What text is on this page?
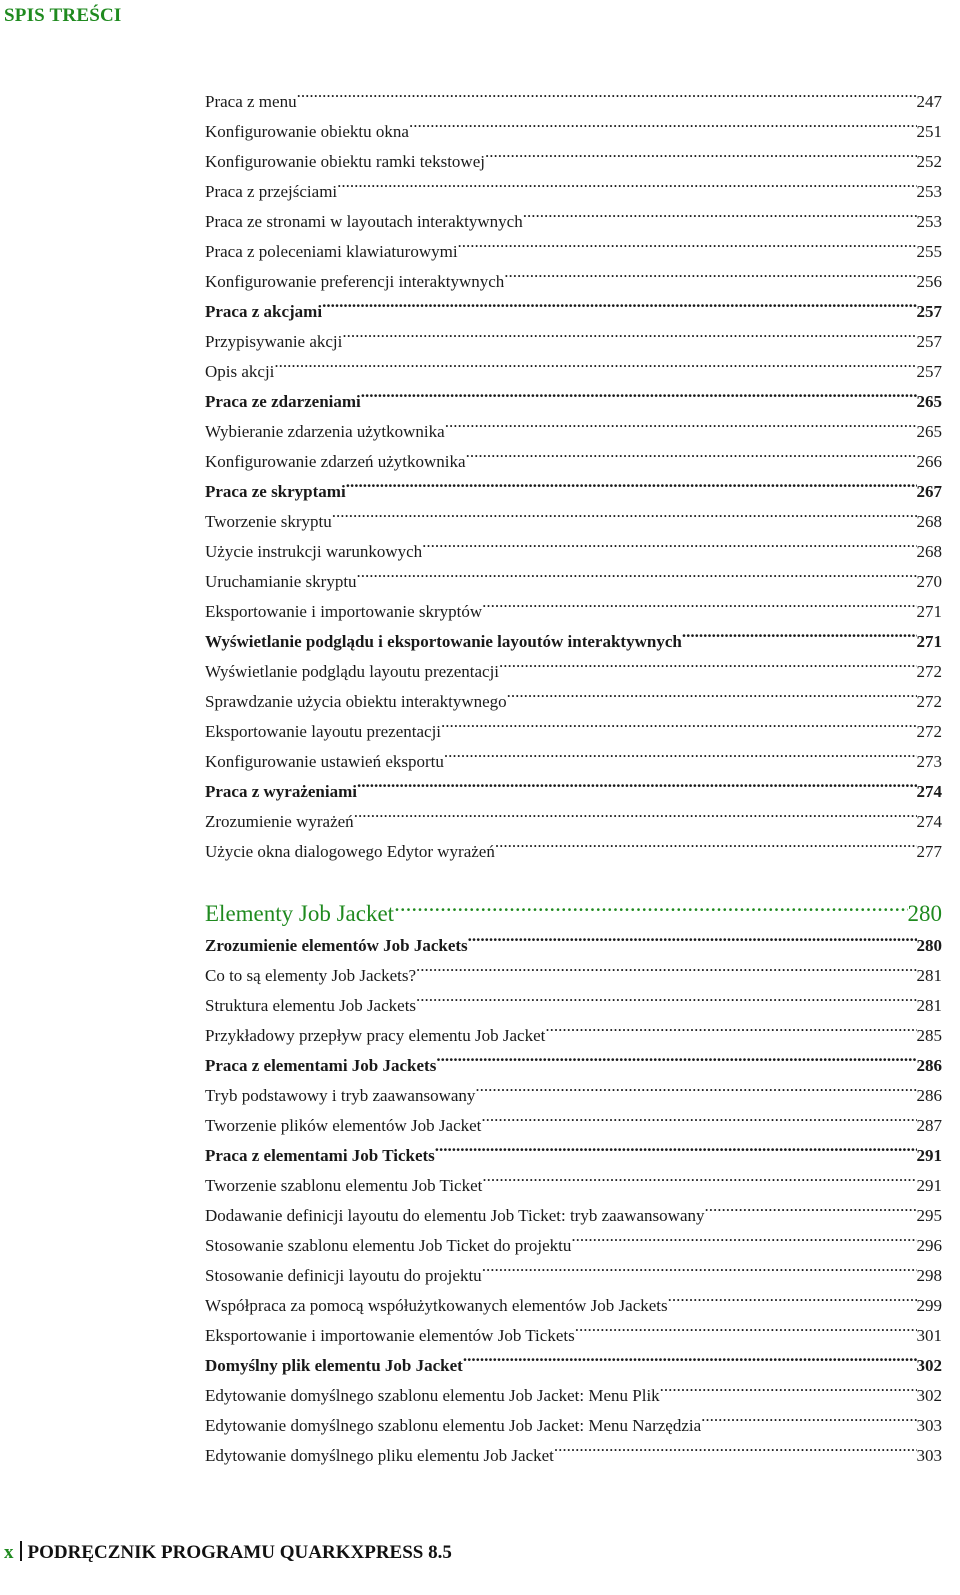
SPIS TREŚCI
Praca z menu .....	247
Konfigurowanie obiektu okna .....	251
Konfigurowanie obiektu ramki tekstowej .....	252
Praca z przejściami .....	253
Praca ze stronami w layoutach interaktywnych .....	253
Praca z poleceniami klawiaturowymi .....	255
Konfigurowanie preferencji interaktywnych .....	256
Praca z akcjami .....	257
Przypisywanie akcji .....	257
Opis akcji .....	257
Praca ze zdarzeniami .....	265
Wybieranie zdarzenia użytkownika .....	265
Konfigurowanie zdarzeń użytkownika .....	266
Praca ze skryptami .....	267
Tworzenie skryptu .....	268
Użycie instrukcji warunkowych .....	268
Uruchamianie skryptu .....	270
Eksportowanie i importowanie skryptów .....	271
Wyświetlanie podglądu i eksportowanie layoutów interaktywnych .....	271
Wyświetlanie podglądu layoutu prezentacji .....	272
Sprawdzanie użycia obiektu interaktywnego .....	272
Eksportowanie layoutu prezentacji .....	272
Konfigurowanie ustawień eksportu .....	273
Praca z wyrażeniami .....	274
Zrozumienie wyrażeń .....	274
Użycie okna dialogowego Edytor wyrażeń .....	277
Elementy Job Jacket .....	280
Zrozumienie elementów Job Jackets .....	280
Co to są elementy Job Jackets? .....	281
Struktura elementu Job Jackets .....	281
Przykładowy przepływ pracy elementu Job Jacket .....	285
Praca z elementami Job Jackets .....	286
Tryb podstawowy i tryb zaawansowany .....	286
Tworzenie plików elementów Job Jacket .....	287
Praca z elementami Job Tickets .....	291
Tworzenie szablonu elementu Job Ticket .....	291
Dodawanie definicji layoutu do elementu Job Ticket: tryb zaawansowany .....	295
Stosowanie szablonu elementu Job Ticket do projektu .....	296
Stosowanie definicji layoutu do projektu .....	298
Współpraca za pomocą współużytkowanych elementów Job Jackets .....	299
Eksportowanie i importowanie elementów Job Tickets .....	301
Domyślny plik elementu Job Jacket .....	302
Edytowanie domyślnego szablonu elementu Job Jacket: Menu Plik .....	302
Edytowanie domyślnego szablonu elementu Job Jacket: Menu Narzędzia .....	303
Edytowanie domyślnego pliku elementu Job Jacket .....	303
x PODRĘCZNIK PROGRAMU QUARKXPRESS 8.5
